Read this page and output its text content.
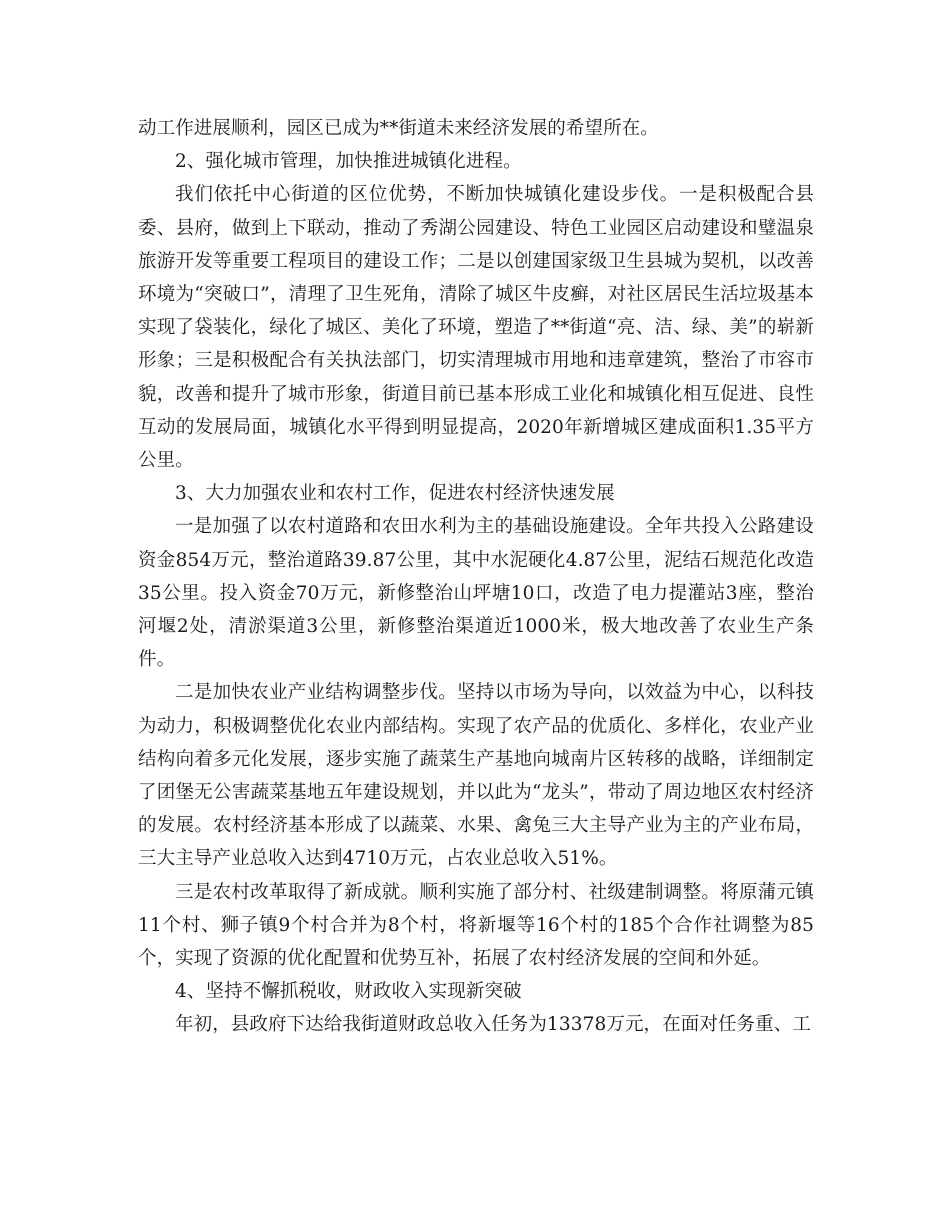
动工作进展顺利，园区已成为**街道未来经济发展的希望所在。

2、强化城市管理，加快推进城镇化进程。

我们依托中心街道的区位优势，不断加快城镇化建设步伐。一是积极配合县委、县府，做到上下联动，推动了秀湖公园建设、特色工业园区启动建设和璧温泉旅游开发等重要工程项目的建设工作；二是以创建国家级卫生县城为契机，以改善环境为“突破口”，清理了卫生死角，清除了城区牛皮癣，对社区居民生活垃圾基本实现了袋装化，绿化了城区、美化了环境，塑造了**街道“亮、洁、绿、美”的崭新形象；三是积极配合有关执法部门，切实清理城市用地和违章建筑，整治了市容市貌，改善和提升了城市形象，街道目前已基本形成工业化和城镇化相互促进、良性互动的发展局面，城镇化水平得到明显提高，2020年新增城区建成面积1.35平方公里。

3、大力加强农业和农村工作，促进农村经济快速发展

一是加强了以农村道路和农田水利为主的基础设施建设。全年共投入公路建设资金854万元，整治道路39.87公里，其中水泥硬化4.87公里，泥结石规范化改造35公里。投入资金70万元，新修整治山坪塘10口，改造了电力提灌站3座，整治河堰2处，清淤渠道3公里，新修整治渠道近1000米，极大地改善了农业生产条件。

二是加快农业产业结构调整步伐。坚持以市场为导向，以效益为中心，以科技为动力，积极调整优化农业内部结构。实现了农产品的优质化、多样化，农业产业结构向着多元化发展，逐步实施了蔬菜生产基地向城南片区转移的战略，详细制定了团堡无公害蔬菜基地五年建设规划，并以此为“龙头”，带动了周边地区农村经济的发展。农村经济基本形成了以蔬菜、水果、禽兔三大主导产业为主的产业布局，三大主导产业总收入达到4710万元，占农业总收入51%。

三是农村改革取得了新成就。顺利实施了部分村、社级建制调整。将原蒲元镇11个村、狮子镇9个村合并为8个村，将新堰等16个村的185个合作社调整为85个，实现了资源的优化配置和优势互补，拓展了农村经济发展的空间和外延。

4、坚持不懈抓税收，财政收入实现新突破

年初，县政府下达给我街道财政总收入任务为13378万元，在面对任务重、工
